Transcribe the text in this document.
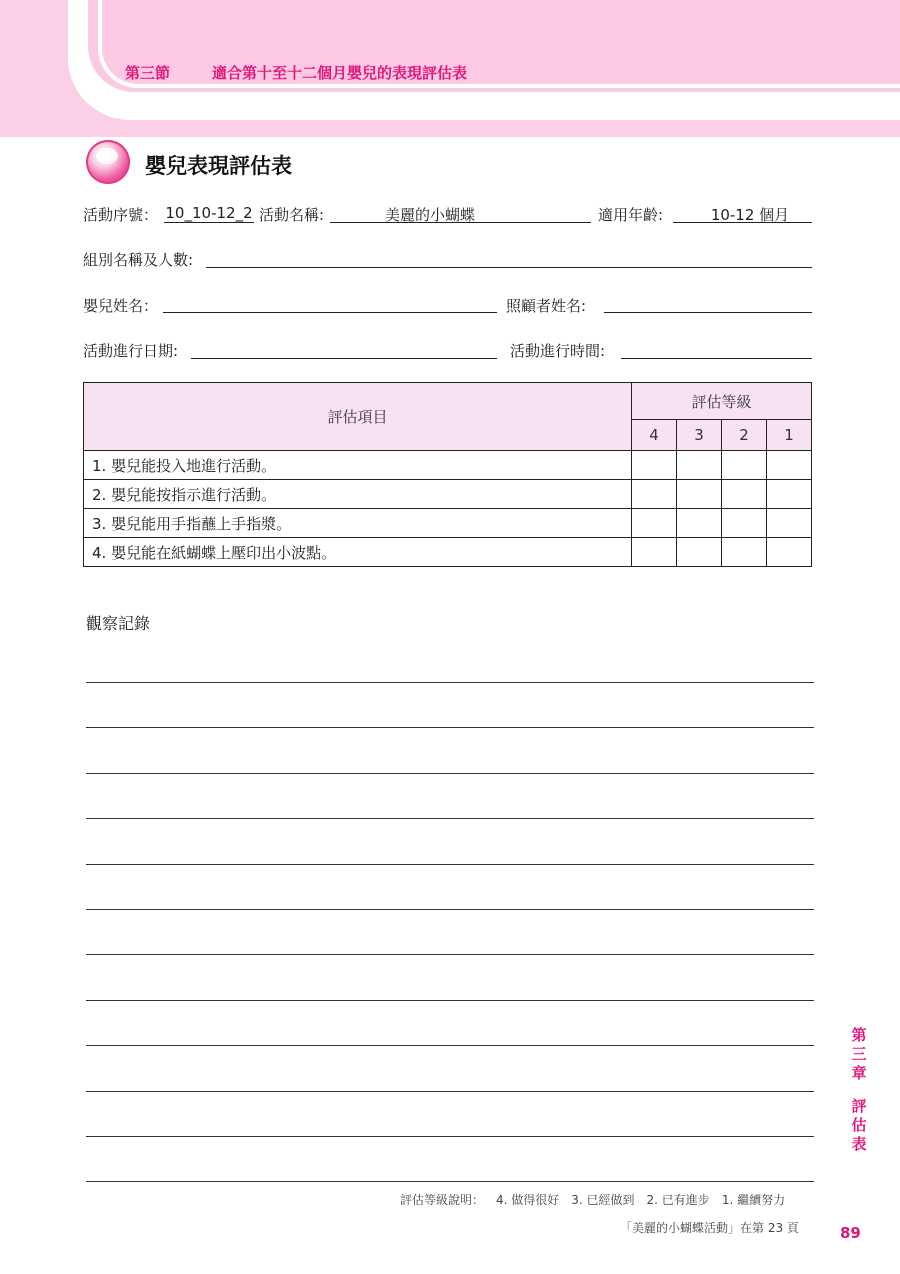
第三節	適合第十至十二個月嬰兒的表現評估表
嬰兒表現評估表
活動序號： 10_10-12_2 活動名稱:	美麗的小蝴蝶	適用年齡:	10-12 個月
組別名稱及人數:
嬰兒姓名：	照顧者姓名:
活動進行日期:	活動進行時間:
評估項目	評估等級			
	4	3	2	1
1. 嬰兒能投入地進行活動。				
2. 嬰兒能按指示進行活動。				
3. 嬰兒能用手指蘸上手指漿。				
4. 嬰兒能在紙蝴蝶上壓印出小波點。				
觀察記錄
第
三
章
評
估
表
評估等級說明： 4. 做得很好 3. 已經做到 2. 已有進步 1. 繼續努力
「美麗的小蝴蝶活動」在第 23 頁	89
